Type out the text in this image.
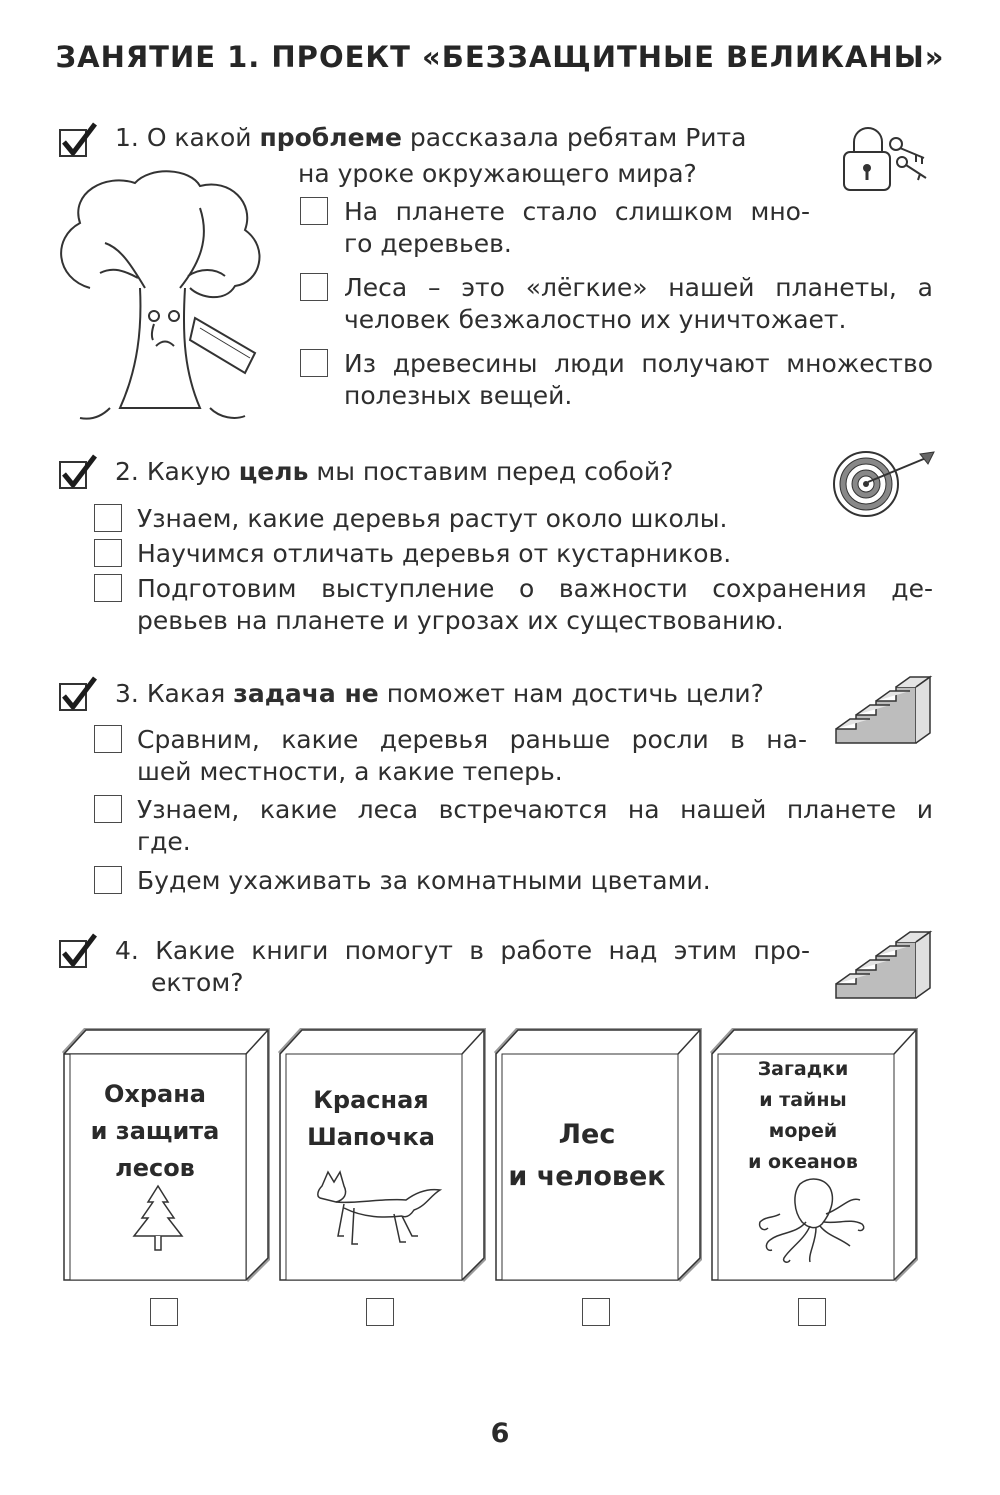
ЗАНЯТИЕ 1. ПРОЕКТ «БЕЗЗАЩИТНЫЕ ВЕЛИКАНЫ»
1. О какой проблеме рассказала ребятам Рита
на уроке окружающего мира?
На планете стало слишком мно-
го деревьев.
Леса – это «лёгкие» нашей планеты, а
человек безжалостно их уничтожает.
Из древесины люди получают множество
полезных вещей.
2. Какую цель мы поставим перед собой?
Узнаем, какие деревья растут около школы.
Научимся отличать деревья от кустарников.
Подготовим выступление о важности сохранения де-
ревьев на планете и угрозах их существованию.
3. Какая задача не поможет нам достичь цели?
Сравним, какие деревья раньше росли в на-
шей местности, а какие теперь.
Узнаем, какие леса встречаются на нашей планете и
где.
Будем ухаживать за комнатными цветами.
4. Какие книги помогут в работе над этим про-
ектом?
Охрана
и защита
лесов
Красная
Шапочка	Лес
и человек
Загадки
и тайны
морей
и океанов
6
